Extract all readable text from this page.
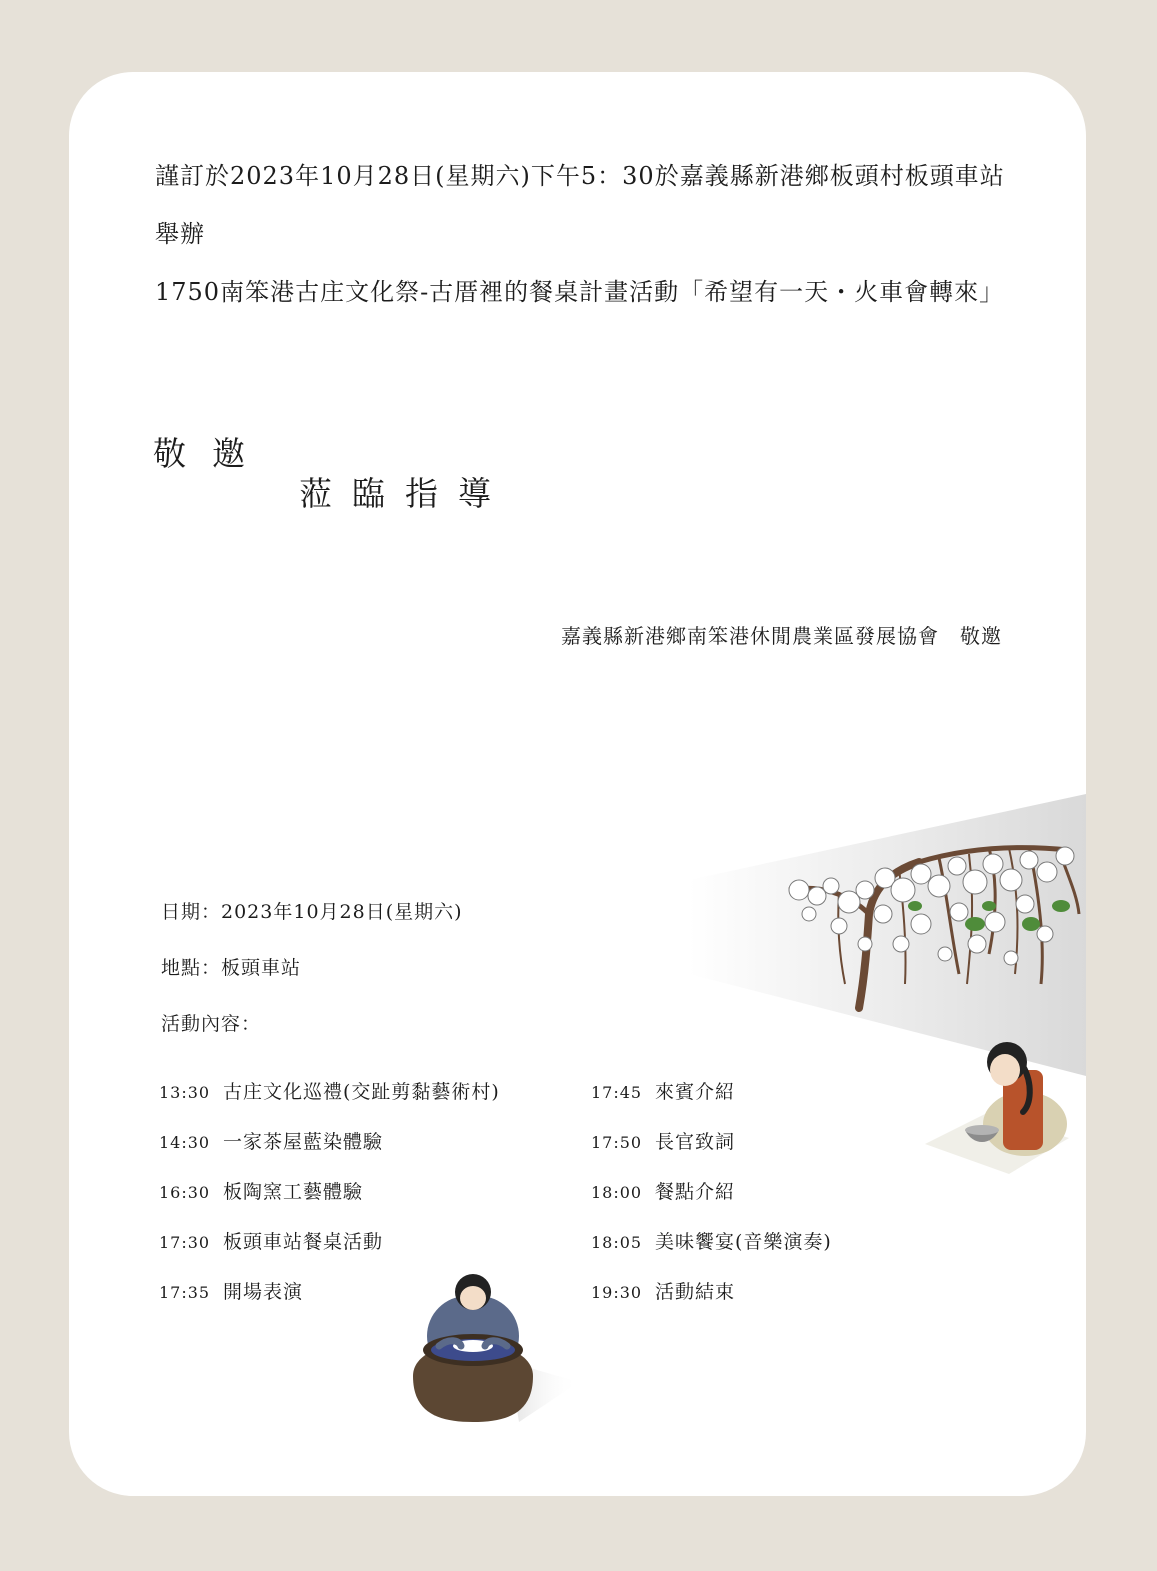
謹訂於2023年10月28日(星期六)下午5：30於嘉義縣新港鄉板頭村板頭車站
舉辦
1750南笨港古庄文化祭-古厝裡的餐桌計畫活動「希望有一天・火車會轉來」
敬邀
蒞臨指導
嘉義縣新港鄉南笨港休閒農業區發展協會　敬邀
日期：2023年10月28日(星期六)
地點：板頭車站
活動內容：
13:30 古庄文化巡禮(交趾剪黏藝術村)
14:30 一家茶屋藍染體驗
16:30 板陶窯工藝體驗
17:30 板頭車站餐桌活動
17:35 開場表演
17:45 來賓介紹
17:50 長官致詞
18:00 餐點介紹
18:05 美味饗宴(音樂演奏)
19:30 活動結束
